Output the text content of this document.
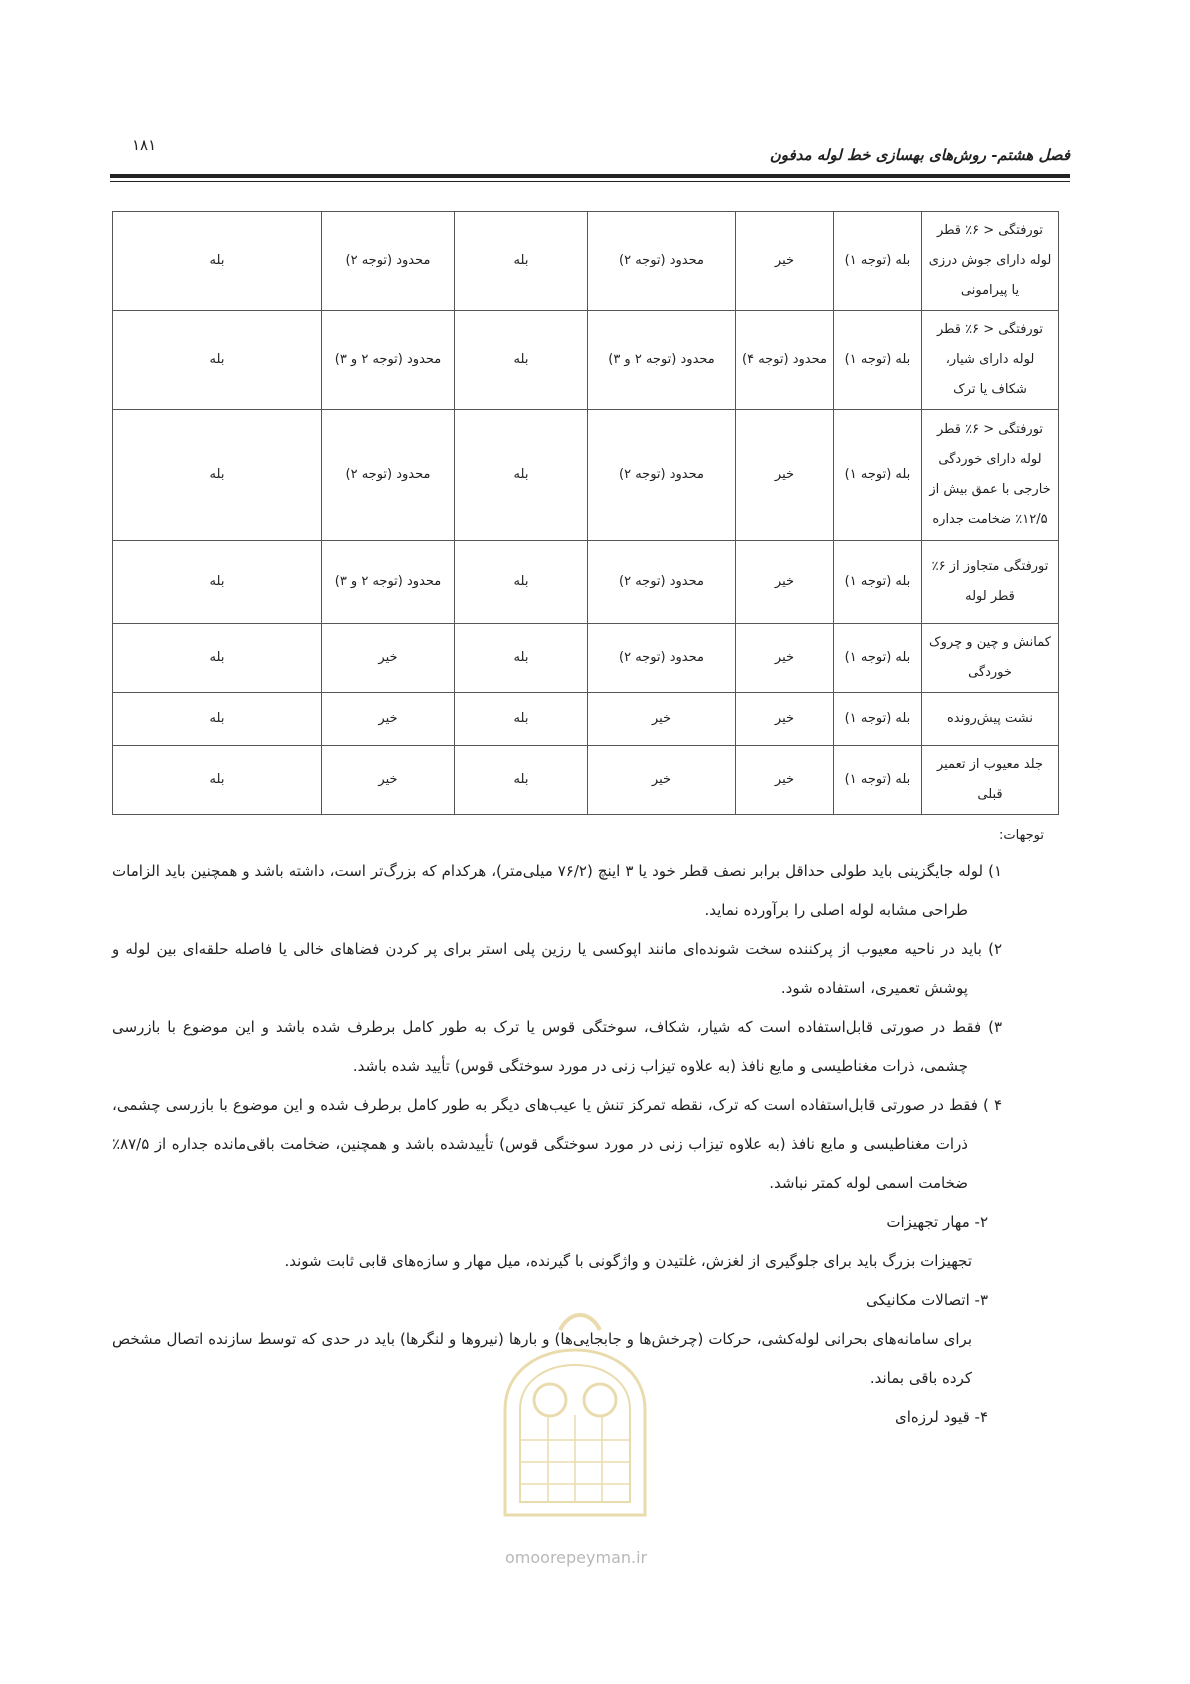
فصل هشتم- روش‌های بهسازی خط لوله مدفون
۱۸۱
تورفتگی < ۶٪ قطر لوله دارای جوش درزی یا پیرامونی	بله (توجه ۱)	خیر	محدود (توجه ۲)	بله	محدود (توجه ۲)	بله
تورفتگی < ۶٪ قطر لوله دارای شیار، شکاف یا ترک	بله (توجه ۱)	محدود (توجه ۴)	محدود (توجه ۲ و ۳)	بله	محدود (توجه ۲ و ۳)	بله
تورفتگی < ۶٪ قطر لوله دارای خوردگی خارجی با عمق بیش از ۱۲/۵٪ ضخامت جداره	بله (توجه ۱)	خیر	محدود (توجه ۲)	بله	محدود (توجه ۲)	بله
تورفتگی متجاوز از ۶٪ قطر لوله	بله (توجه ۱)	خیر	محدود (توجه ۲)	بله	محدود (توجه ۲ و ۳)	بله
کمانش و چین و چروک خوردگی	بله (توجه ۱)	خیر	محدود (توجه ۲)	بله	خیر	بله
نشت پیش‌رونده	بله (توجه ۱)	خیر	خیر	بله	خیر	بله
جلد معیوب از تعمیر قبلی	بله (توجه ۱)	خیر	خیر	بله	خیر	بله
توجهات:

۱) لوله جایگزینی باید طولی حداقل برابر نصف قطر خود یا ۳ اینچ (۷۶/۲ میلی‌متر)، هرکدام که بزرگ‌تر است، داشته باشد و همچنین باید الزامات طراحی مشابه لوله اصلی را برآورده نماید.

۲) باید در ناحیه معیوب از پرکننده سخت شونده‌ای مانند اپوکسی یا رزین پلی استر برای پر کردن فضاهای خالی یا فاصله حلقه‌ای بین لوله و پوشش تعمیری، استفاده شود.

۳) فقط در صورتی قابل‌استفاده است که شیار، شکاف، سوختگی قوس یا ترک به طور کامل برطرف شده باشد و این موضوع با بازرسی چشمی، ذرات مغناطیسی و مایع نافذ (به علاوه تیزاب زنی در مورد سوختگی قوس) تأیید شده باشد.

۴ ) فقط در صورتی قابل‌استفاده است که ترک، نقطه تمرکز تنش یا عیب‌های دیگر به طور کامل برطرف شده و این موضوع با بازرسی چشمی، ذرات مغناطیسی و مایع نافذ (به علاوه تیزاب زنی در مورد سوختگی قوس) تأییدشده باشد و همچنین، ضخامت باقی‌مانده جداره از ۸۷/۵٪ ضخامت اسمی لوله کمتر نباشد.

۲- مهار تجهیزات

تجهیزات بزرگ باید برای جلوگیری از لغزش، غلتیدن و واژگونی با گیرنده، میل مهار و سازه‌های قابی ثابت شوند.

۳- اتصالات مکانیکی

برای سامانه‌های بحرانی لوله‌کشی، حرکات (چرخش‌ها و جابجایی‌ها) و بارها (نیروها و لنگرها) باید در حدی که توسط سازنده اتصال مشخص کرده باقی بماند.

۴- قیود لرزه‌ای

omoorepeyman.ir
